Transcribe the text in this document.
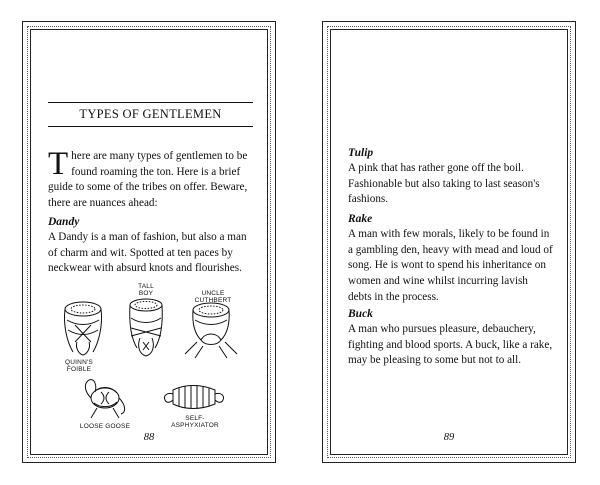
TYPES OF GENTLEMEN

There are many types of gentlemen to be found roaming the ton. Here is a brief guide to some of the tribes on offer. Beware, there are nuances ahead:

Dandy

A Dandy is a man of fashion, but also a man of charm and wit. Spotted at ten paces by neckwear with absurd knots and flourishes.

TALL
BOY	UNCLE
CUTHBERT
QUINN'S
FOIBLE
LOOSE GOOSE
SELF-
ASPHYXIATOR
88
Tulip

A pink that has rather gone off the boil. Fashionable but also taking to last season's fashions.

Rake

A man with few morals, likely to be found in a gambling den, heavy with mead and loud of song. He is wont to spend his inheritance on women and wine whilst incurring lavish debts in the process.

Buck

A man who pursues pleasure, debauchery, fighting and blood sports. A buck, like a rake, may be pleasing to some but not to all.

89
